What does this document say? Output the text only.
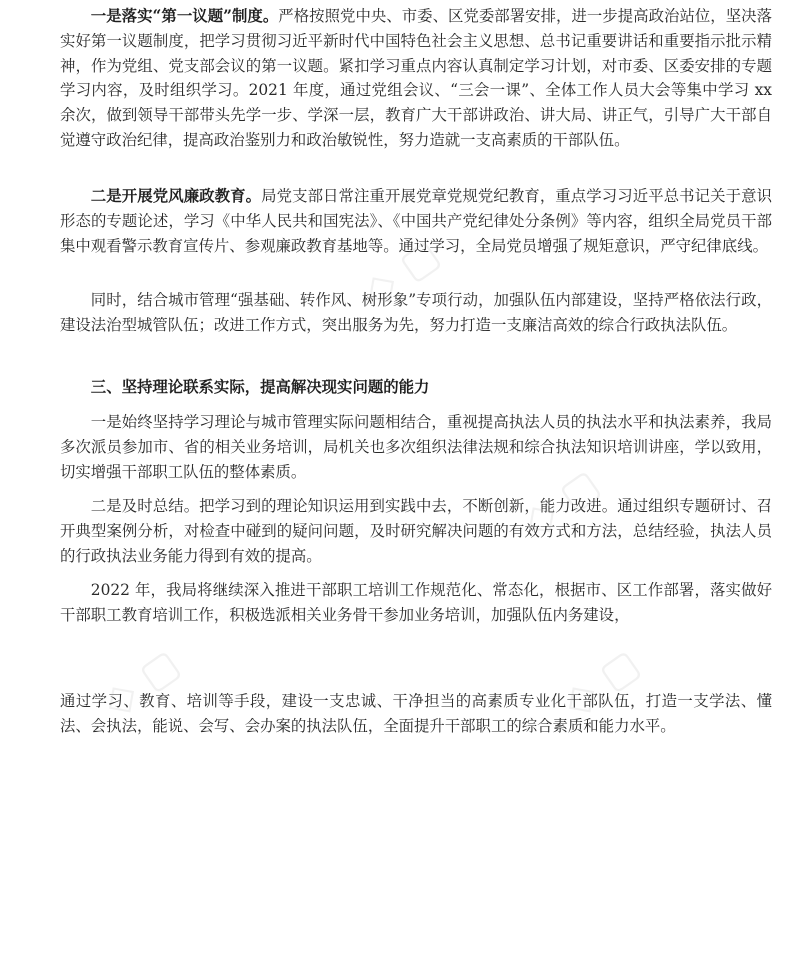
一是落实“第一议题”制度。严格按照党中央、市委、区党委部署安排，进一步提高政治站位，坚决落实好第一议题制度，把学习贯彻习近平新时代中国特色社会主义思想、总书记重要讲话和重要指示批示精神，作为党组、党支部会议的第一议题。紧扣学习重点内容认真制定学习计划，对市委、区委安排的专题学习内容，及时组织学习。2021 年度，通过党组会议、“三会一课”、全体工作人员大会等集中学习 xx 余次，做到领导干部带头先学一步、学深一层，教育广大干部讲政治、讲大局、讲正气，引导广大干部自觉遵守政治纪律，提高政治鉴别力和政治敏锐性，努力造就一支高素质的干部队伍。

二是开展党风廉政教育。局党支部日常注重开展党章党规党纪教育，重点学习习近平总书记关于意识形态的专题论述，学习《中华人民共和国宪法》、《中国共产党纪律处分条例》等内容，组织全局党员干部集中观看警示教育宣传片、参观廉政教育基地等。通过学习，全局党员增强了规矩意识，严守纪律底线。

同时，结合城市管理“强基础、转作风、树形象”专项行动，加强队伍内部建设，坚持严格依法行政，建设法治型城管队伍；改进工作方式，突出服务为先，努力打造一支廉洁高效的综合行政执法队伍。

三、坚持理论联系实际，提高解决现实问题的能力

一是始终坚持学习理论与城市管理实际问题相结合，重视提高执法人员的执法水平和执法素养，我局多次派员参加市、省的相关业务培训，局机关也多次组织法律法规和综合执法知识培训讲座，学以致用，切实增强干部职工队伍的整体素质。

二是及时总结。把学习到的理论知识运用到实践中去，不断创新，能力改进。通过组织专题研讨、召开典型案例分析，对检查中碰到的疑问问题，及时研究解决问题的有效方式和方法，总结经验，执法人员的行政执法业务能力得到有效的提高。

2022 年，我局将继续深入推进干部职工培训工作规范化、常态化，根据市、区工作部署，落实做好干部职工教育培训工作，积极选派相关业务骨干参加业务培训，加强队伍内务建设，

通过学习、教育、培训等手段，建设一支忠诚、干净担当的高素质专业化干部队伍，打造一支学法、懂法、会执法，能说、会写、会办案的执法队伍，全面提升干部职工的综合素质和能力水平。

◇ ▢	◇ ▢
◇ ▢
◇ ▢
